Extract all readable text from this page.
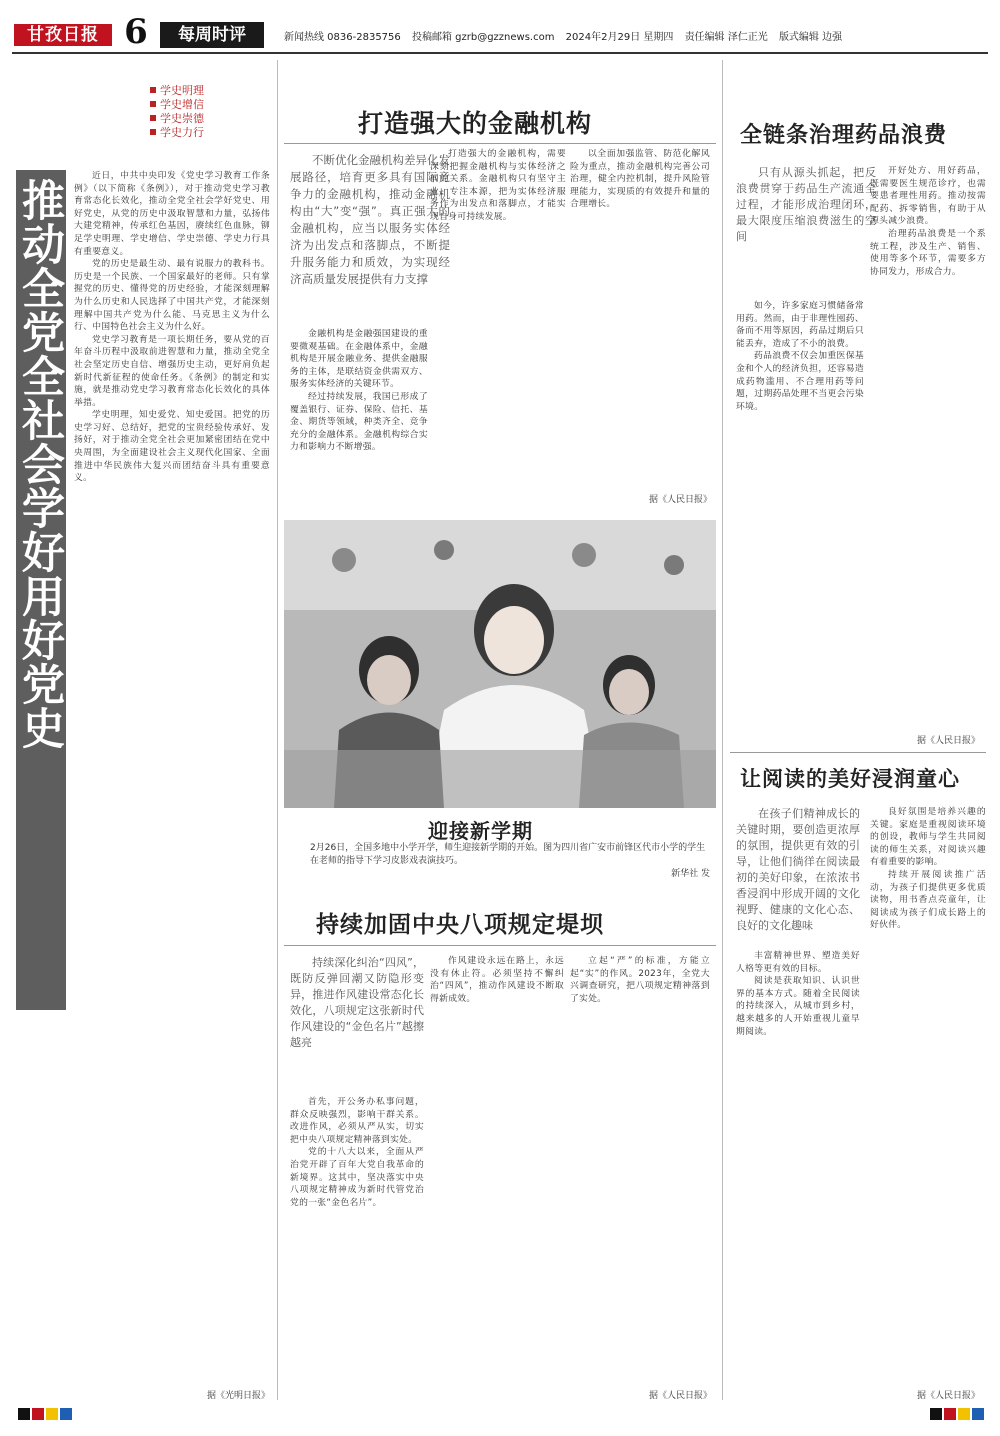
甘孜日报 6	每周时评	新闻热线 0836-2835756 投稿邮箱 gzrb@gzznews.com 2024年2月29日 星期四 责任编辑 泽仁正光 版式编辑 边强
学史明理
学史增信
学史崇德
学史力行
推动全党全社会学好用好党史

近日，中共中央印发《党史学习教育工作条例》（以下简称《条例》），对于推动党史学习教育常态化长效化，推动全党全社会学好党史、用好党史，从党的历史中汲取智慧和力量，弘扬伟大建党精神，传承红色基因，赓续红色血脉，铆足学史明理、学史增信、学史崇德、学史力行具有重要意义。

党的历史是最生动、最有说服力的教科书。历史是一个民族、一个国家最好的老师。只有掌握党的历史、懂得党的历史经验，才能深刻理解为什么历史和人民选择了中国共产党，才能深刻理解中国共产党为什么能、马克思主义为什么行、中国特色社会主义为什么好。

党史学习教育是一项长期任务，要从党的百年奋斗历程中汲取前进智慧和力量，推动全党全社会坚定历史自信、增强历史主动，更好肩负起新时代新征程的使命任务。《条例》的制定和实施，就是推动党史学习教育常态化长效化的具体举措。

学史明理，知史爱党、知史爱国。把党的历史学习好、总结好，把党的宝贵经验传承好、发扬好，对于推动全党全社会更加紧密团结在党中央周围，为全面建设社会主义现代化国家、全面推进中华民族伟大复兴而团结奋斗具有重要意义。

据《光明日报》
打造强大的金融机构
不断优化金融机构差异化发展路径，培育更多具有国际竞争力的金融机构，推动金融机构由“大”变“强”。真正强大的金融机构，应当以服务实体经济为出发点和落脚点，不断提升服务能力和质效，为实现经济高质量发展提供有力支撑

金融机构是金融强国建设的重要微观基础。在金融体系中，金融机构是开展金融业务、提供金融服务的主体，是联结资金供需双方、服务实体经济的关键环节。

经过持续发展，我国已形成了覆盖银行、证券、保险、信托、基金、期货等领域，种类齐全、竞争充分的金融体系。金融机构综合实力和影响力不断增强。

打造强大的金融机构，需要深刻把握金融机构与实体经济之间的关系。金融机构只有坚守主业、专注本源，把为实体经济服务作为出发点和落脚点，才能实现自身可持续发展。

以全面加强监管、防范化解风险为重点，推动金融机构完善公司治理，健全内控机制，提升风险管理能力，实现质的有效提升和量的合理增长。

据《人民日报》
迎接新学期
2月26日，全国多地中小学开学，师生迎接新学期的开始。图为四川省广安市前锋区代市小学的学生在老师的指导下学习皮影戏表演技巧。
新华社 发
持续加固中央八项规定堤坝
持续深化纠治“四风”，既防反弹回潮又防隐形变异，推进作风建设常态化长效化，八项规定这张新时代作风建设的“金色名片”越擦越亮

首先，开公务办私事问题，群众反映强烈，影响干群关系。改进作风，必须从严从实，切实把中央八项规定精神落到实处。

党的十八大以来，全面从严治党开辟了百年大党自我革命的新境界。这其中，坚决落实中央八项规定精神成为新时代管党治党的一张“金色名片”。

作风建设永远在路上，永远没有休止符。必须坚持不懈纠治“四风”，推动作风建设不断取得新成效。

立起“严”的标准，方能立起“实”的作风。2023年，全党大兴调查研究，把八项规定精神落到了实处。

据《人民日报》
全链条治理药品浪费
只有从源头抓起，把反浪费贯穿于药品生产流通全过程，才能形成治理闭环，最大限度压缩浪费滋生的空间

如今，许多家庭习惯储备常用药。然而，由于非理性囤药、备而不用等原因，药品过期后只能丢弃，造成了不小的浪费。

药品浪费不仅会加重医保基金和个人的经济负担，还容易造成药物滥用、不合理用药等问题，过期药品处理不当更会污染环境。

开好处方、用好药品，既需要医生规范诊疗，也需要患者理性用药。推动按需配药、拆零销售，有助于从源头减少浪费。

治理药品浪费是一个系统工程，涉及生产、销售、使用等多个环节，需要多方协同发力，形成合力。

据《人民日报》
让阅读的美好浸润童心
在孩子们精神成长的关键时期，要创造更浓厚的氛围，提供更有效的引导，让他们徜徉在阅读最初的美好印象，在浓浓书香浸润中形成开阔的文化视野、健康的文化心态、良好的文化趣味

丰富精神世界、塑造美好人格等更有效的目标。

阅读是获取知识、认识世界的基本方式。随着全民阅读的持续深入，从城市到乡村，越来越多的人开始重视儿童早期阅读。

良好氛围是培养兴趣的关键。家庭是重视阅读环境的创设，教师与学生共同阅读的师生关系，对阅读兴趣有着重要的影响。

持续开展阅读推广活动，为孩子们提供更多优质读物，用书香点亮童年，让阅读成为孩子们成长路上的好伙伴。

据《人民日报》
